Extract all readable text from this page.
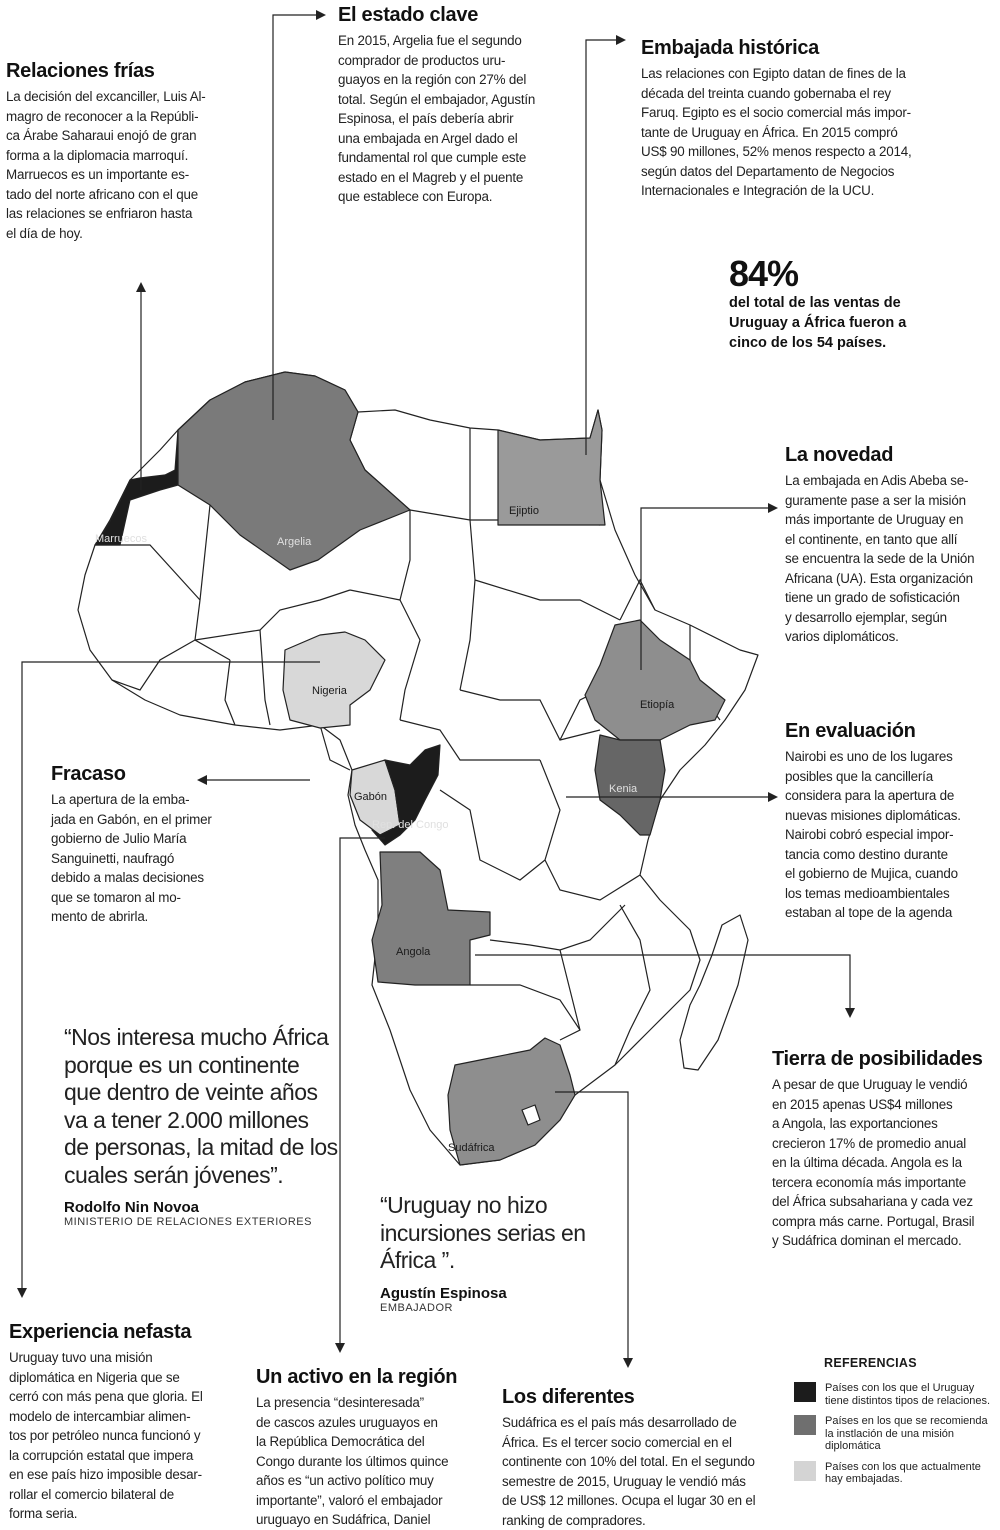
Marruecos	Argelia
Ejiptio
Nigeria
Gabón
Rep. del Congo
Etiopía
Kenia
Angola
Sudáfrica
Relaciones frías

La decisión del excanciller, Luis Al-
magro de reconocer a la Repúbli-
ca Árabe Saharaui enojó de gran
forma a la diplomacia marroquí.
Marruecos es un importante es-
tado del norte africano con el que
las relaciones se enfriaron hasta
el día de hoy.

El estado clave

En 2015, Argelia fue el segundo
comprador de productos uru-
guayos en la región con 27% del
total. Según el embajador, Agustín
Espinosa, el país debería abrir
una embajada en Argel dado el
fundamental rol que cumple este
estado en el Magreb y el puente
que establece con Europa.

Embajada histórica

Las relaciones con Egipto datan de fines de la
década del treinta cuando gobernaba el rey
Faruq. Egipto es el socio comercial más impor-
tante de Uruguay en África. En 2015 compró
US$ 90 millones, 52% menos respecto a 2014,
según datos del Departamento de Negocios
Internacionales e Integración de la UCU.

84%
del total de las ventas de
Uruguay a África fueron a
cinco de los 54 países.
La novedad

La embajada en Adis Abeba se-
guramente pase a ser la misión
más importante de Uruguay en
el continente, en tanto que allí
se encuentra la sede de la Unión
Africana (UA). Esta organización
tiene un grado de sofisticación
y desarrollo ejemplar, según
varios diplomáticos.

En evaluación

Nairobi es uno de los lugares
posibles que la cancillería
considera para la apertura de
nuevas misiones diplomáticas.
Nairobi cobró especial impor-
tancia como destino durante
el gobierno de Mujica, cuando
los temas medioambientales
estaban al tope de la agenda

Fracaso

La apertura de la emba-
jada en Gabón, en el primer
gobierno de Julio María
Sanguinetti, naufragó
debido a malas decisiones
que se tomaron al mo-
mento de abrirla.

“Nos interesa mucho África
porque es un continente
que dentro de veinte años
va a tener 2.000 millones
de personas, la mitad de los
cuales serán jóvenes”.

Rodolfo Nin Novoa
MINISTERIO DE RELACIONES EXTERIORES
Tierra de posibilidades

A pesar de que Uruguay le vendió
en 2015 apenas US$4 millones
a Angola, las exportanciones
crecieron 17% de promedio anual
en la última década. Angola es la
tercera economía más importante
del África subsahariana y cada vez
compra más carne. Portugal, Brasil
y Sudáfrica dominan el mercado.

“Uruguay no hizo
incursiones serias en
África ”.

Agustín Espinosa
EMBAJADOR
Experiencia nefasta

Uruguay tuvo una misión
diplomática en Nigeria que se
cerró con más pena que gloria. El
modelo de intercambiar alimen-
tos por petróleo nunca funcionó y
la corrupción estatal que impera
en ese país hizo imposible desar-
rollar el comercio bilateral de
forma seria.

Un activo en la región

La presencia “desinteresada”
de cascos azules uruguayos en
la República Democrática del
Congo durante los últimos quince
años es “un activo político muy
importante”, valoró el embajador
uruguayo en Sudáfrica, Daniel

Los diferentes

Sudáfrica es el país más desarrollado de
África. Es el tercer socio comercial en el
continente con 10% del total. En el segundo
semestre de 2015, Uruguay le vendió más
de US$ 12 millones. Ocupa el lugar 30 en el
ranking de compradores.

REFERENCIAS
Países con los que el Uruguay tiene distintos tipos de relaciones.
Países en los que se recomienda la instlación de una misión diplomática
Países con los que actualmente hay embajadas.
